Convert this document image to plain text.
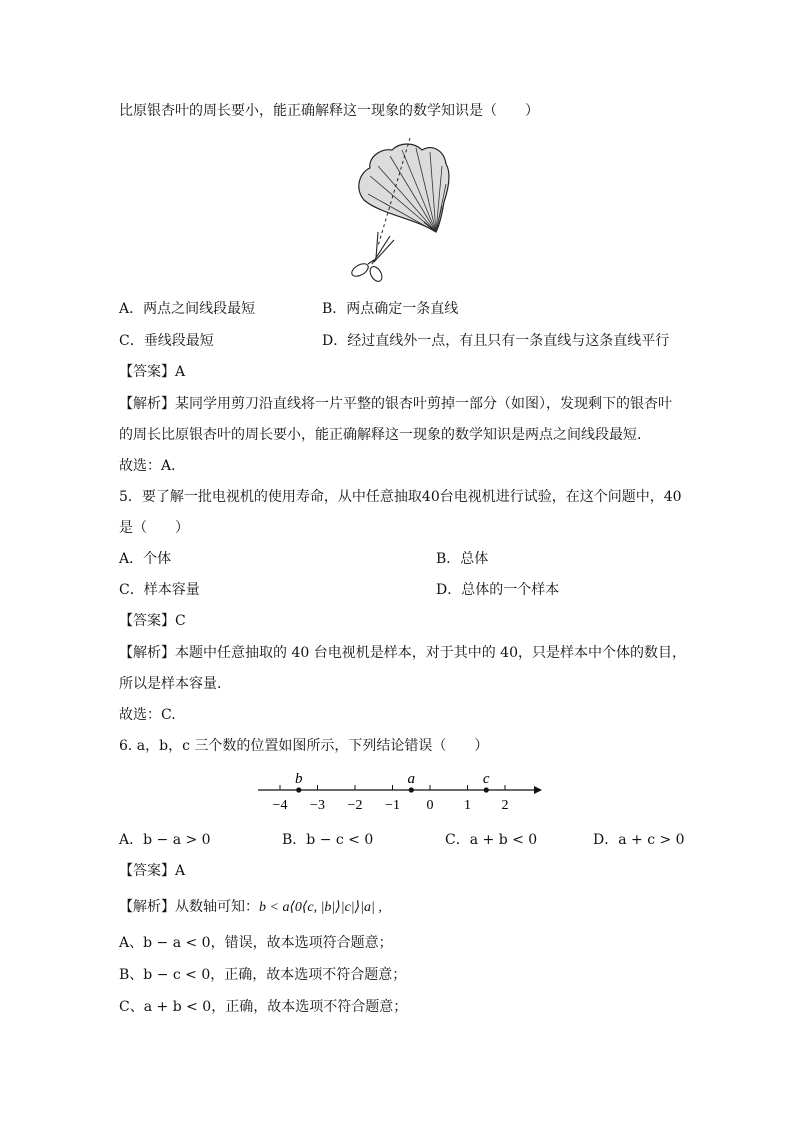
比原银杏叶的周长要小，能正确解释这一现象的数学知识是（　　）
A．两点之间线段最短	B．两点确定一条直线
C．垂线段最短	D．经过直线外一点，有且只有一条直线与这条直线平行
【答案】A
【解析】某同学用剪刀沿直线将一片平整的银杏叶剪掉一部分（如图），发现剩下的银杏叶
的周长比原银杏叶的周长要小，能正确解释这一现象的数学知识是两点之间线段最短．
故选：A．
5．要了解一批电视机的使用寿命，从中任意抽取40台电视机进行试验，在这个问题中，40
是（　　）
A．个体	B．总体
C．样本容量	D．总体的一个样本
【答案】C
【解析】本题中任意抽取的 40 台电视机是样本，对于其中的 40，只是样本中个体的数目，
所以是样本容量．
故选：C.
6. a，b，c 三个数的位置如图所示，下列结论错误（　　）
−4 −3 −2 −1 0 1 2
b	a	c
A．b − a > 0	B．b − c < 0	C．a + b < 0	D．a + c > 0
【答案】A
【解析】从数轴可知：b < a⟨0⟨c, |b|⟩|c|⟩|a| ,
A、b − a < 0，错误，故本选项符合题意；
B、b − c < 0，正确，故本选项不符合题意；
C、a + b < 0，正确，故本选项不符合题意；
